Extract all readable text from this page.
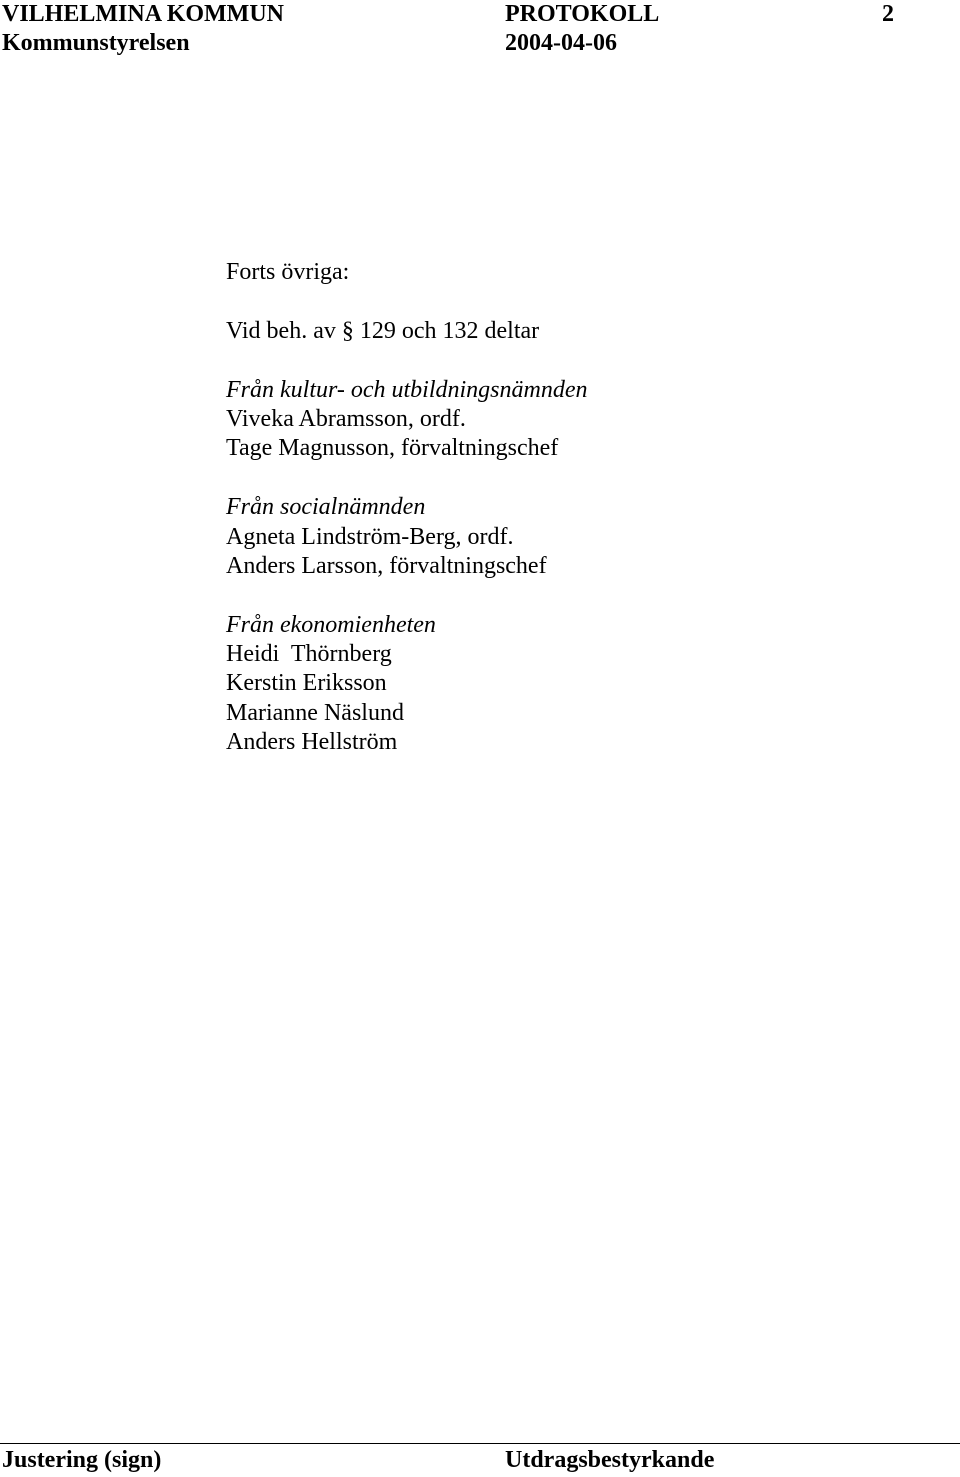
VILHELMINA KOMMUN
Kommunstyrelsen
PROTOKOLL
2004-04-06
2
Forts övriga:
Vid beh. av § 129 och 132 deltar
Från kultur- och utbildningsnämnden
Viveka Abramsson, ordf.
Tage Magnusson, förvaltningschef
Från socialnämnden
Agneta Lindström-Berg, ordf.
Anders Larsson, förvaltningschef
Från ekonomienheten
Heidi  Thörnberg
Kerstin Eriksson
Marianne Näslund
Anders Hellström
Justering (sign)	Utdragsbestyrkande
